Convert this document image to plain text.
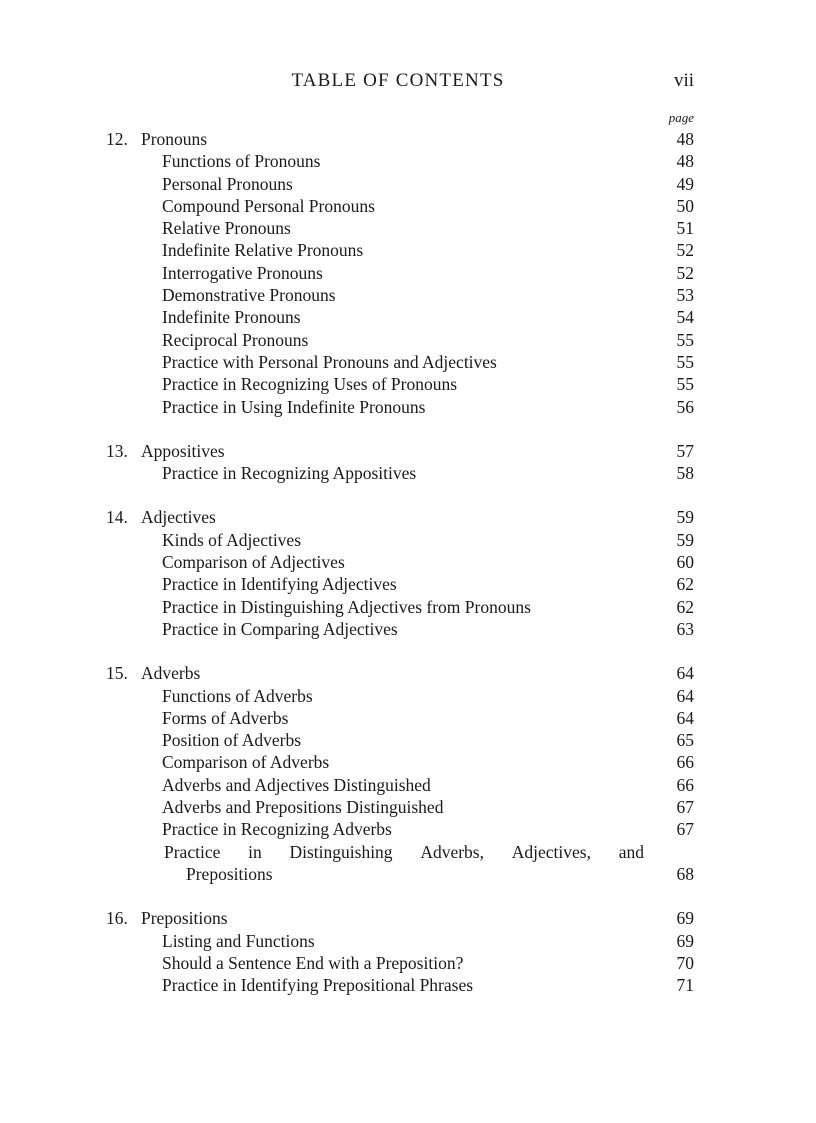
TABLE OF CONTENTS	vii
page
12. Pronouns	48
Functions of Pronouns	48
Personal Pronouns	49
Compound Personal Pronouns	50
Relative Pronouns	51
Indefinite Relative Pronouns	52
Interrogative Pronouns	52
Demonstrative Pronouns	53
Indefinite Pronouns	54
Reciprocal Pronouns	55
Practice with Personal Pronouns and Adjectives	55
Practice in Recognizing Uses of Pronouns	55
Practice in Using Indefinite Pronouns	56
13. Appositives	57
Practice in Recognizing Appositives	58
14. Adjectives	59
Kinds of Adjectives	59
Comparison of Adjectives	60
Practice in Identifying Adjectives	62
Practice in Distinguishing Adjectives from Pronouns	62
Practice in Comparing Adjectives	63
15. Adverbs	64
Functions of Adverbs	64
Forms of Adverbs	64
Position of Adverbs	65
Comparison of Adverbs	66
Adverbs and Adjectives Distinguished	66
Adverbs and Prepositions Distinguished	67
Practice in Recognizing Adverbs	67
Practice in Distinguishing Adverbs, Adjectives, and
Prepositions	68
16. Prepositions	69
Listing and Functions	69
Should a Sentence End with a Preposition?	70
Practice in Identifying Prepositional Phrases	71
